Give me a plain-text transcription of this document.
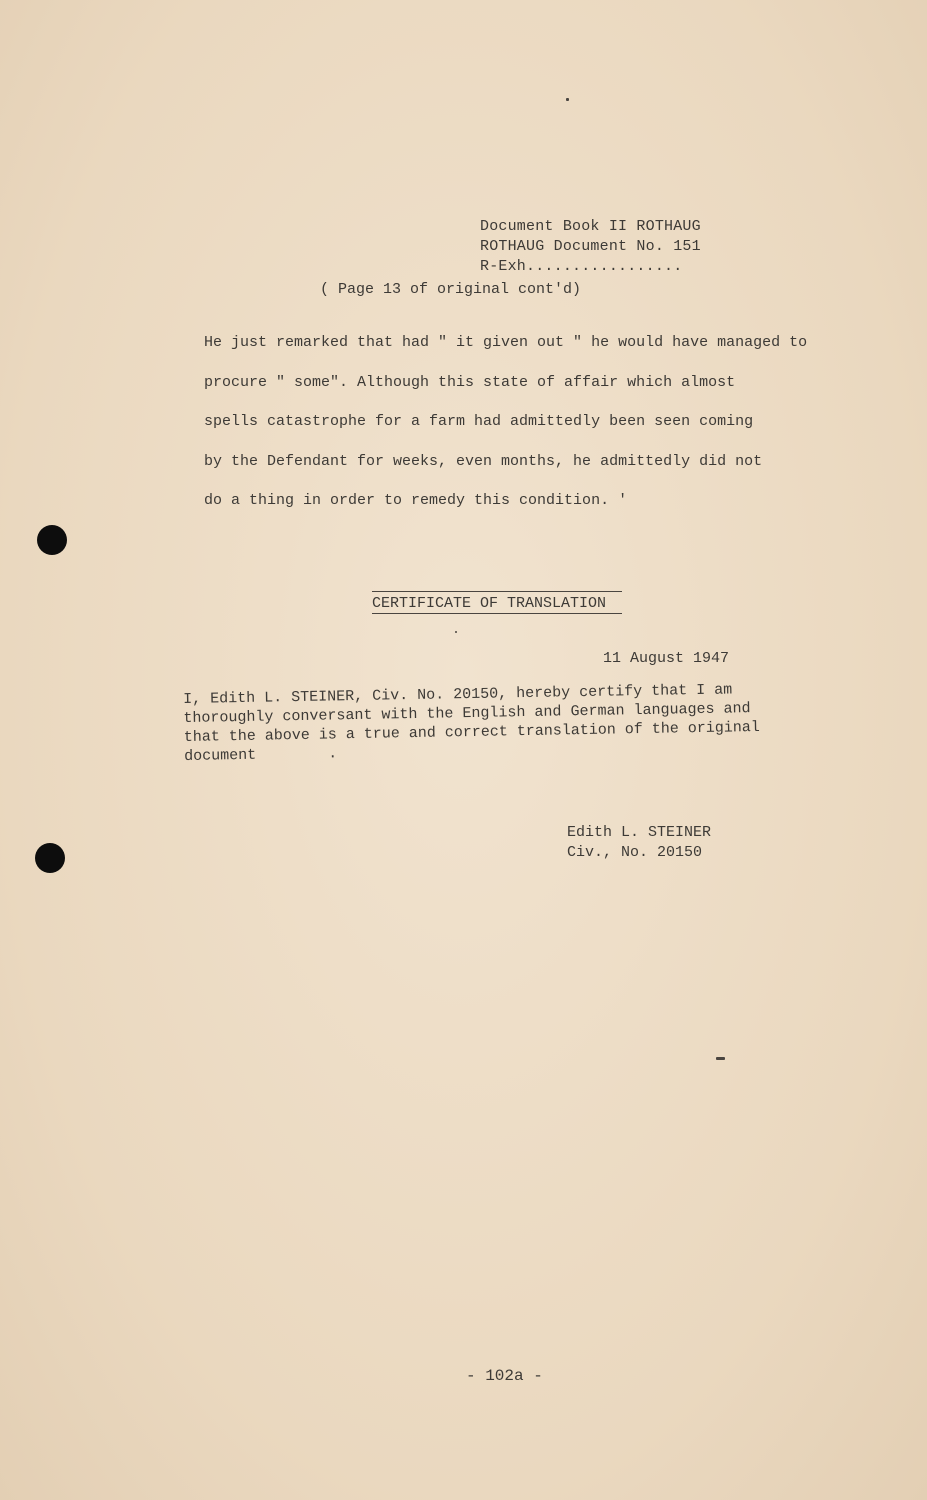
Document Book II ROTHAUG
ROTHAUG Document No. 151
R-Exh.................
( Page 13 of original cont'd)
He just remarked that had " it given out " he would have managed to
procure " some". Although this state of affair which almost
spells catastrophe for a farm had admittedly been seen coming
by the Defendant for weeks, even months, he admittedly did not
do a thing in order to remedy this condition. '
CERTIFICATE OF TRANSLATION
11 August 1947
I, Edith L. STEINER, Civ. No. 20150, hereby certify that I am
thoroughly conversant with the English and German languages and
that the above is a true and correct translation of the original
document        .
Edith L. STEINER
Civ., No. 20150
- 102a -
